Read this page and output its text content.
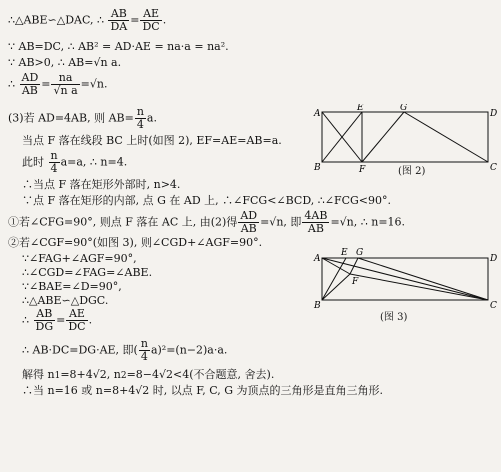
∴△ABE∽△DAC, ∴ $\frac{AB}{DA} = \frac{AE}{DC}$ .
∵ AB=DC, ∴ AB² = AD·AE = na·a = na².
∵ AB>0, ∴ AB=√n a.
∴ $\frac{AD}{AB} = \frac{na}{\text{√n a}} =√n$.
(3)若 AD=4AB, 则 $AB= \frac{n}{4} a$.
当点 F 落在线段 BC 上时(如图 2), EF=AE=AB=a.
此时 $\frac{n}{4} a=a$, ∴ n=4.
∴当点 F 落在矩形外部时, n>4.
∵点 F 落在矩形的内部, 点 G 在 AD 上, ∴∠FCG<∠BCD, ∴∠FCG<90°.
①若∠CFG=90°, 则点 F 落在 AC 上, 由(2)得 $\frac{AD}{AB} =√n$, 即 $\frac{4AB}{AB} =√n$, ∴ n=16.
②若∠CGF=90°(如图 3), 则∠CGD+∠AGF=90°.
∵∠FAG+∠AGF=90°,
∴∠CGD=∠FAG=∠ABE.
∵∠BAE=∠D=90°,
∴△ABE∽△DGC.
∴ $\frac{AB}{DG} = \frac{AE}{DC}$ .
∴ AB·DC=DG·AE, 即( $\frac{n}{4} a)^2=(n-2)a\cdot a$.
解得 n1=8+4√2, n2=8−4√2<4(不合题意, 舍去).
∴当 n=16 或 n=8+4√2 时, 以点 F, C, G 为顶点的三角形是直角三角形.
A
E	G
D
B	F	C
(图 2)
A
E G
D
F
B	C
(图 3)
